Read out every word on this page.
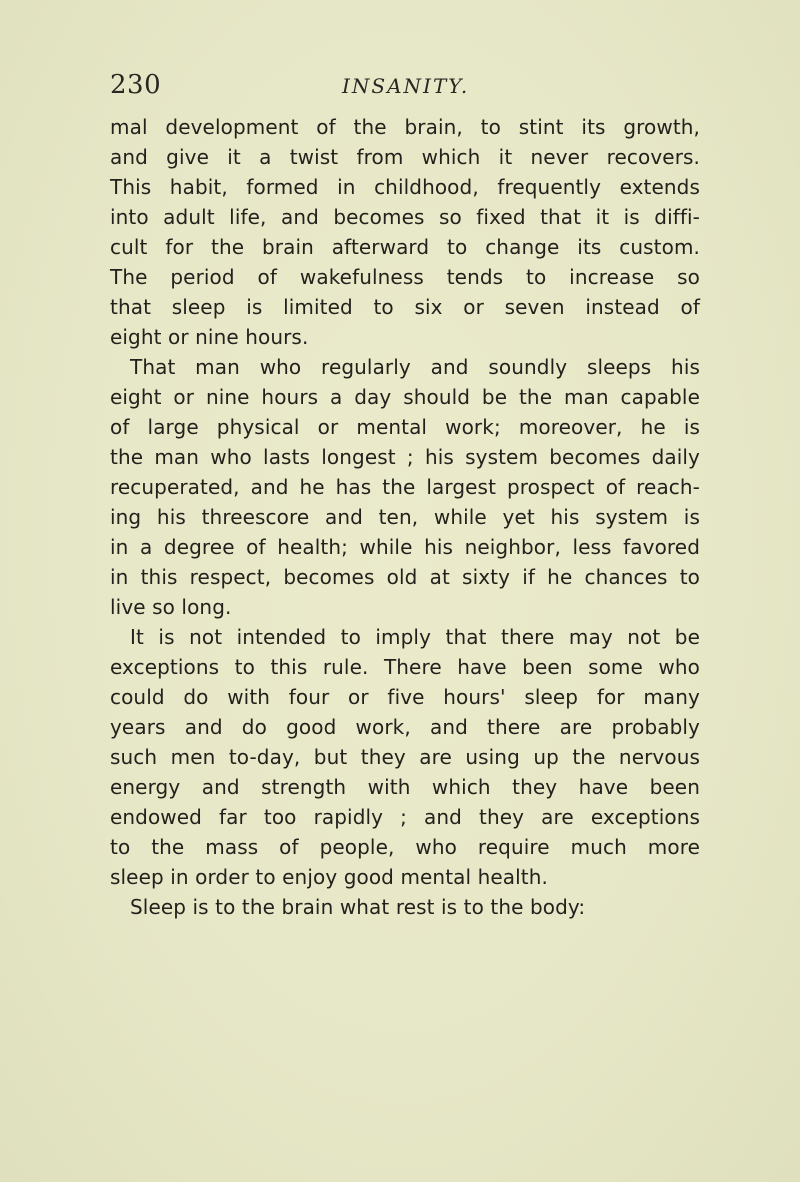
230	INSANITY.
mal development of the brain, to stint its growth,
and give it a twist from which it never recovers.
This habit, formed in childhood, frequently extends
into adult life, and becomes so fixed that it is diffi-
cult for the brain afterward to change its custom.
The period of wakefulness tends to increase so
that sleep is limited to six or seven instead of
eight or nine hours.
That man who regularly and soundly sleeps his
eight or nine hours a day should be the man capable
of large physical or mental work; moreover, he is
the man who lasts longest ; his system becomes daily
recuperated, and he has the largest prospect of reach-
ing his threescore and ten, while yet his system is
in a degree of health; while his neighbor, less favored
in this respect, becomes old at sixty if he chances to
live so long.
It is not intended to imply that there may not be
exceptions to this rule. There have been some who
could do with four or five hours' sleep for many
years and do good work, and there are probably
such men to-day, but they are using up the nervous
energy and strength with which they have been
endowed far too rapidly ; and they are exceptions
to the mass of people, who require much more
sleep in order to enjoy good mental health.
Sleep is to the brain what rest is to the body:
